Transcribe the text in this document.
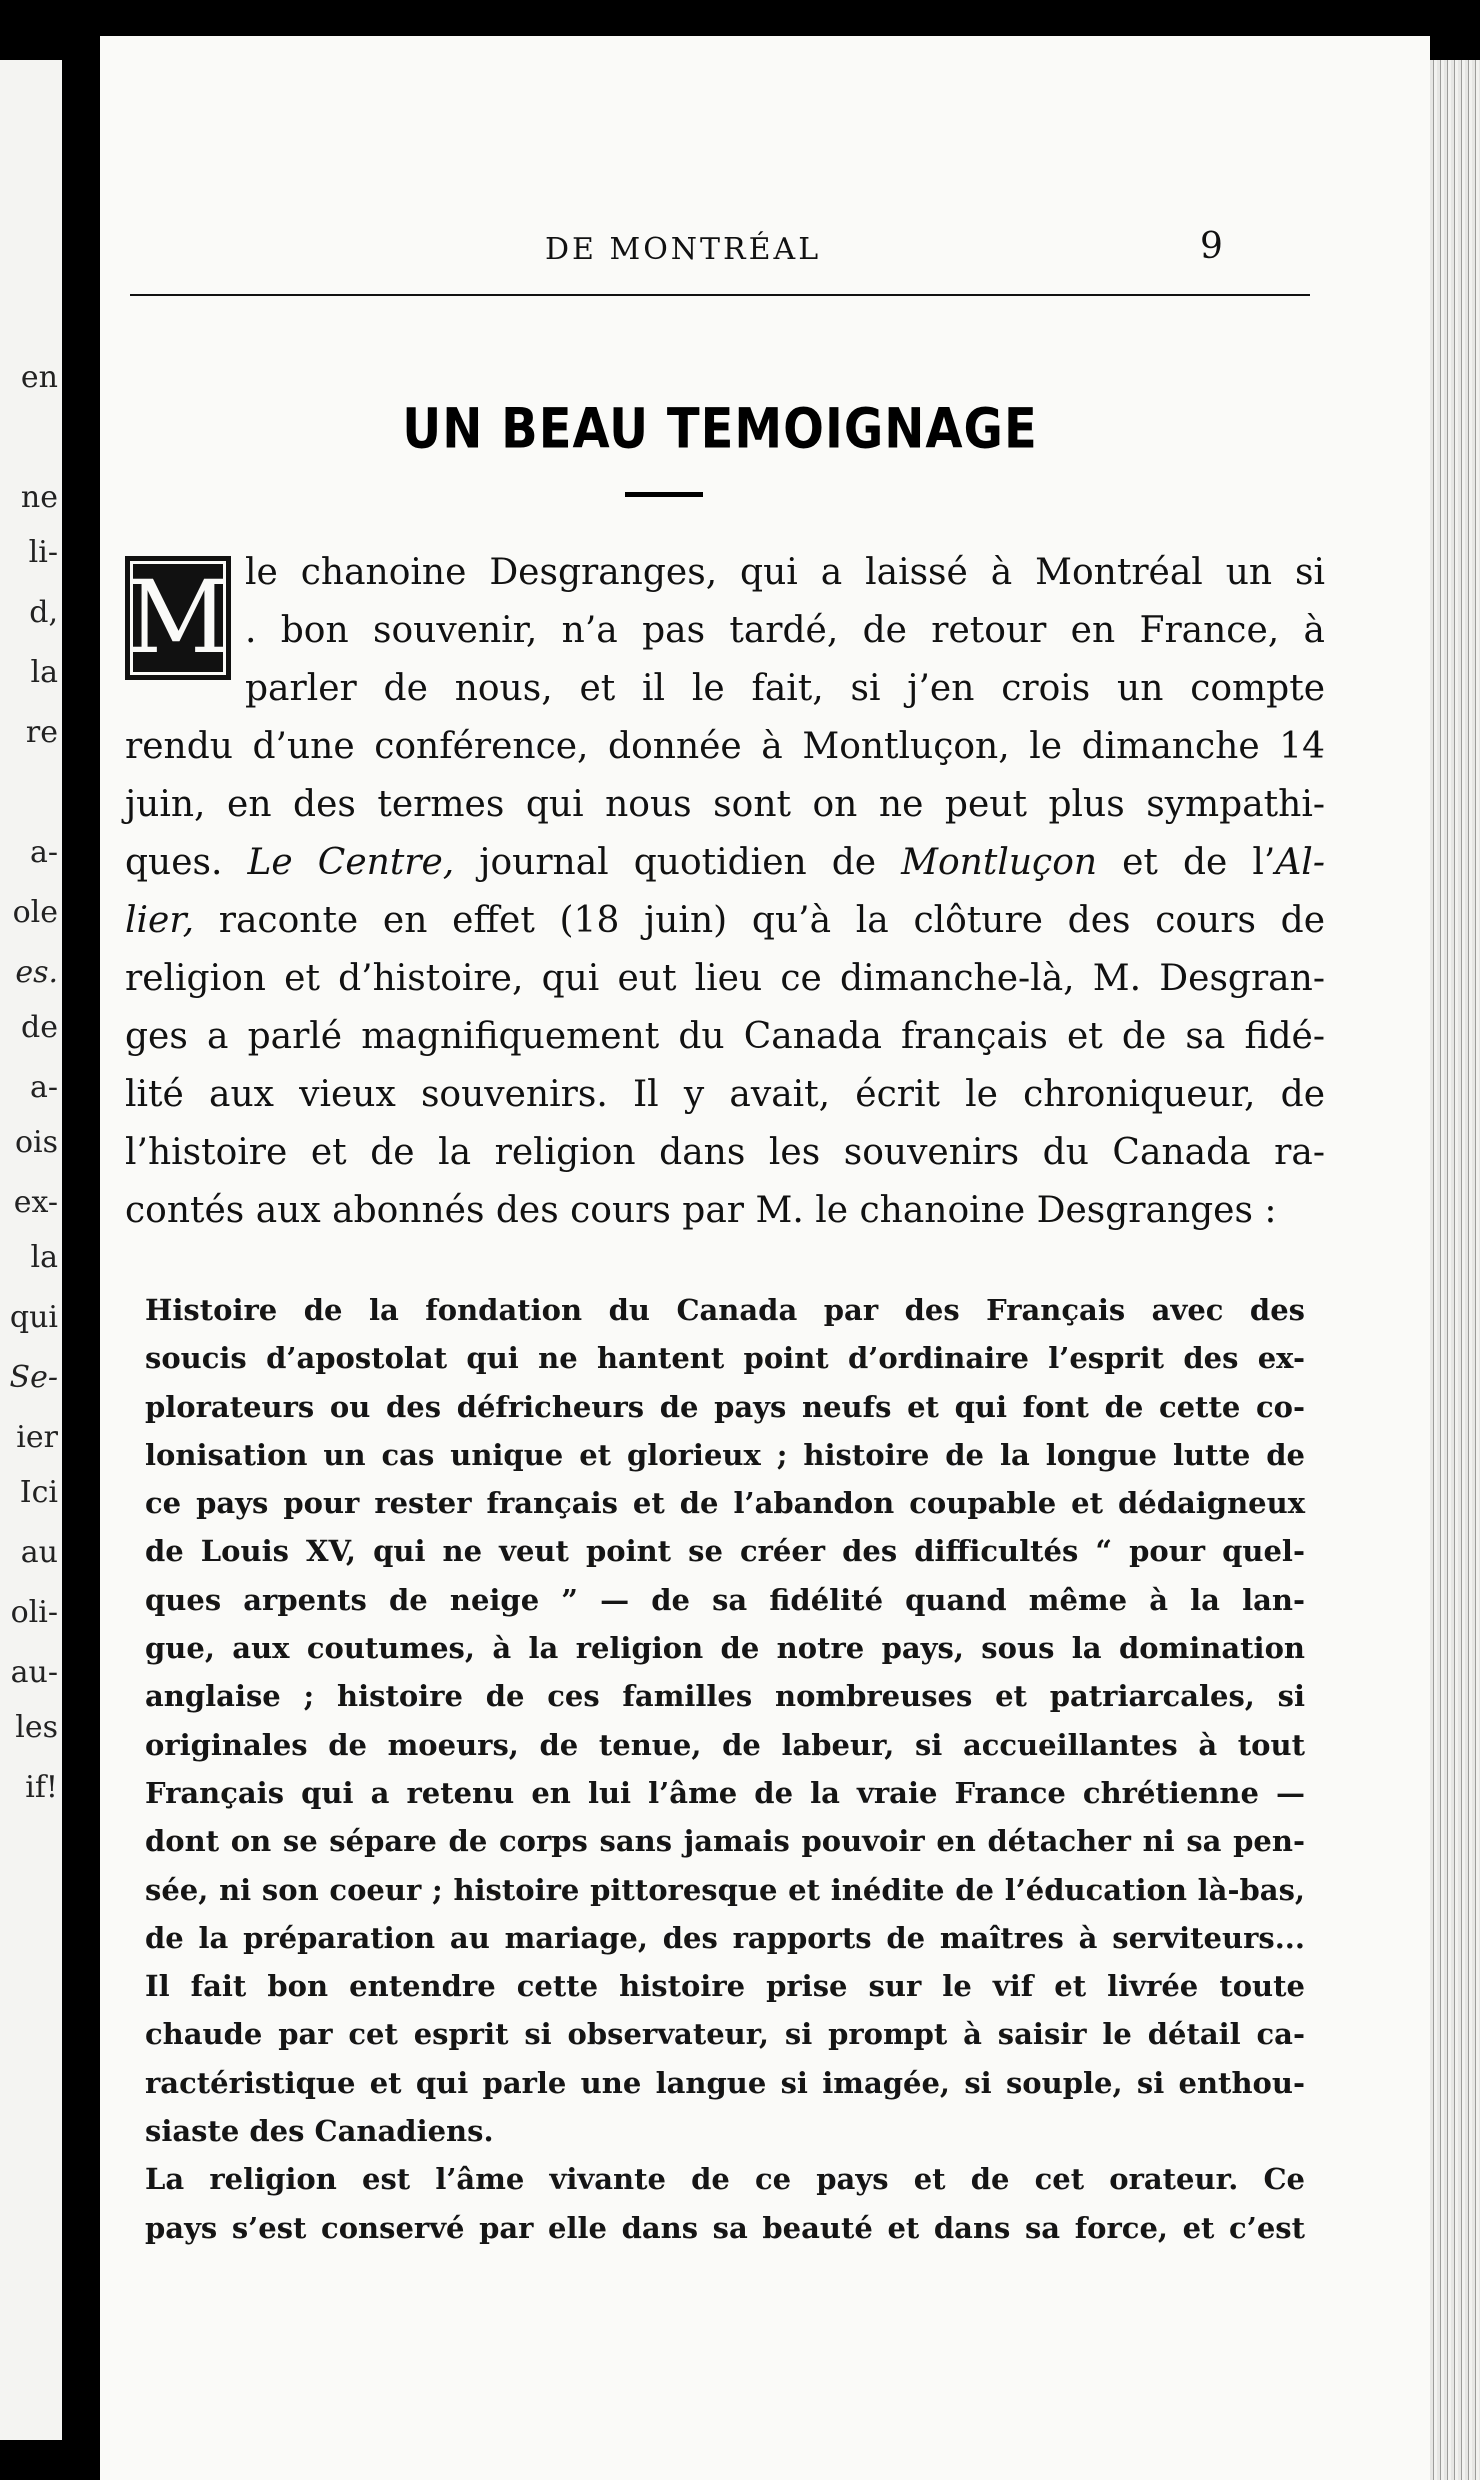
en
ne
li-
d,
la
re
a-
ole
es.
de
a-
ois
ex-
la
qui
Se-
ier
Ici
au
oli-
au-
les
if!
DE MONTRÉAL	9
UN BEAU TEMOIGNAGE
M le chanoine Desgranges, qui a laissé à Montréal un si
. bon souvenir, n’a pas tardé, de retour en France, à
parler de nous, et il le fait, si j’en crois un compte
rendu d’une conférence, donnée à Montluçon, le dimanche 14
juin, en des termes qui nous sont on ne peut plus sympathi-
ques. Le Centre, journal quotidien de Montluçon et de l’Al-
lier, raconte en effet (18 juin) qu’à la clôture des cours de
religion et d’histoire, qui eut lieu ce dimanche-là, M. Desgran-
ges a parlé magnifiquement du Canada français et de sa fidé-
lité aux vieux souvenirs. Il y avait, écrit le chroniqueur, de
l’histoire et de la religion dans les souvenirs du Canada ra-
contés aux abonnés des cours par M. le chanoine Desgranges :
Histoire de la fondation du Canada par des Français avec des
soucis d’apostolat qui ne hantent point d’ordinaire l’esprit des ex-
plorateurs ou des défricheurs de pays neufs et qui font de cette co-
lonisation un cas unique et glorieux ; histoire de la longue lutte de
ce pays pour rester français et de l’abandon coupable et dédaigneux
de Louis XV, qui ne veut point se créer des difficultés “ pour quel-
ques arpents de neige ” — de sa fidélité quand même à la lan-
gue, aux coutumes, à la religion de notre pays, sous la domination
anglaise ; histoire de ces familles nombreuses et patriarcales, si
originales de moeurs, de tenue, de labeur, si accueillantes à tout
Français qui a retenu en lui l’âme de la vraie France chrétienne —
dont on se sépare de corps sans jamais pouvoir en détacher ni sa pen-
sée, ni son coeur ; histoire pittoresque et inédite de l’éducation là-bas,
de la préparation au mariage, des rapports de maîtres à serviteurs...
Il fait bon entendre cette histoire prise sur le vif et livrée toute
chaude par cet esprit si observateur, si prompt à saisir le détail ca-
ractéristique et qui parle une langue si imagée, si souple, si enthou-
siaste des Canadiens.
La religion est l’âme vivante de ce pays et de cet orateur. Ce
pays s’est conservé par elle dans sa beauté et dans sa force, et c’est
